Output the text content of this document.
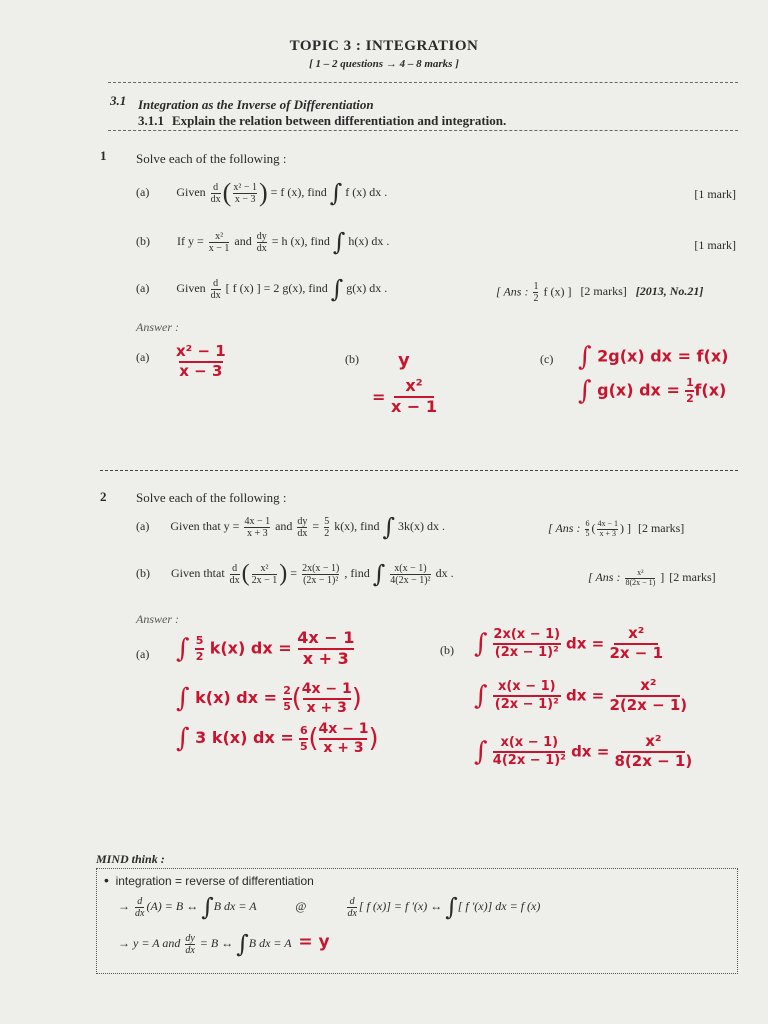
TOPIC 3 : INTEGRATION
[ 1 – 2 questions → 4 – 8 marks ]
3.1 Integration as the Inverse of Differentiation
3.1.1 Explain the relation between differentiation and integration.
1 Solve each of the following :
(a) Given $\frac{d}{dx}$ ( $\frac{\text{x² − 1}}{x - 3}$ ) = f (x), find ∫ f (x) dx .	[1 mark]
(b) If $y = \frac{\text{x²}}{x - 1}$ and $\frac{dy}{dx} = h$ (x), find ∫ h(x) dx .	[1 mark]
(a) Given $\frac{d}{dx}$ [ f (x) ] = 2 g(x), find ∫ g(x) dx .	[ Ans : $\frac{1}{2}$ f (x) ] [2 marks] [2013, No.21]
Answer :
$(a) \frac{\text{x² − 1}}{x - 3}$	(b) y
= $\frac{\text{x²}}{x - 1}$
(c) ∫ 2g(x) dx = f(x)
∫ g(x) dx = $\frac{1}{2} f(x)$
2 Solve each of the following :
(a) Given that $y = \frac{4x - 1}{x + 3}$ and $\frac{dy}{dx} = \frac{5}{2} k(x)$, find ∫ 3k(x) dx .	[ Ans : $\frac{6}{5}$ ( $\frac{4x - 1}{x + 3}$ ) ] [2 marks]
(b) Given thtat $\frac{d}{dx}$ ( $\frac{\text{x²}}{2x - 1}$ ) = $\frac{2x(x - 1)}{\text{(2x − 1)²}}$ , find ∫ $\frac{x(x - 1)}{\text{4(2x − 1)²}}$ dx .	[ Ans : $\frac{\text{x²}}{8(2x - 1)}$ ] [2 marks]
Answer :
(a) ∫ $\frac{5}{2} k(x)$ dx = $\frac{4x - 1}{x + 3}$
∫ k(x) dx = $\frac{2}{5}$ ( $\frac{4x - 1}{x + 3}$ )
∫ 3 k(x) dx = $\frac{6}{5}$ ( $\frac{4x - 1}{x + 3}$ )
(b) ∫ $\frac{2x(x - 1)}{\text{(2x − 1)²}}$ dx = $\frac{\text{x²}}{2x - 1}$
∫ $\frac{x(x - 1)}{\text{(2x − 1)²}}$ dx = $\frac{\text{x²}}{2(2x - 1)}$
∫ $\frac{x(x - 1)}{\text{4(2x − 1)²}}$ dx = $\frac{\text{x²}}{8(2x - 1)}$
MIND think :
• integration = reverse of differentiation
→ $\frac{d}{dx} (A) = B$ ↔ ∫B dx = A	@	$\frac{d}{dx}$ [ f (x)] = f '(x) ↔ ∫[ f '(x)] dx = f (x)
→ y = A and $\frac{dy}{dx} = B$ ↔ ∫B dx = A = y
